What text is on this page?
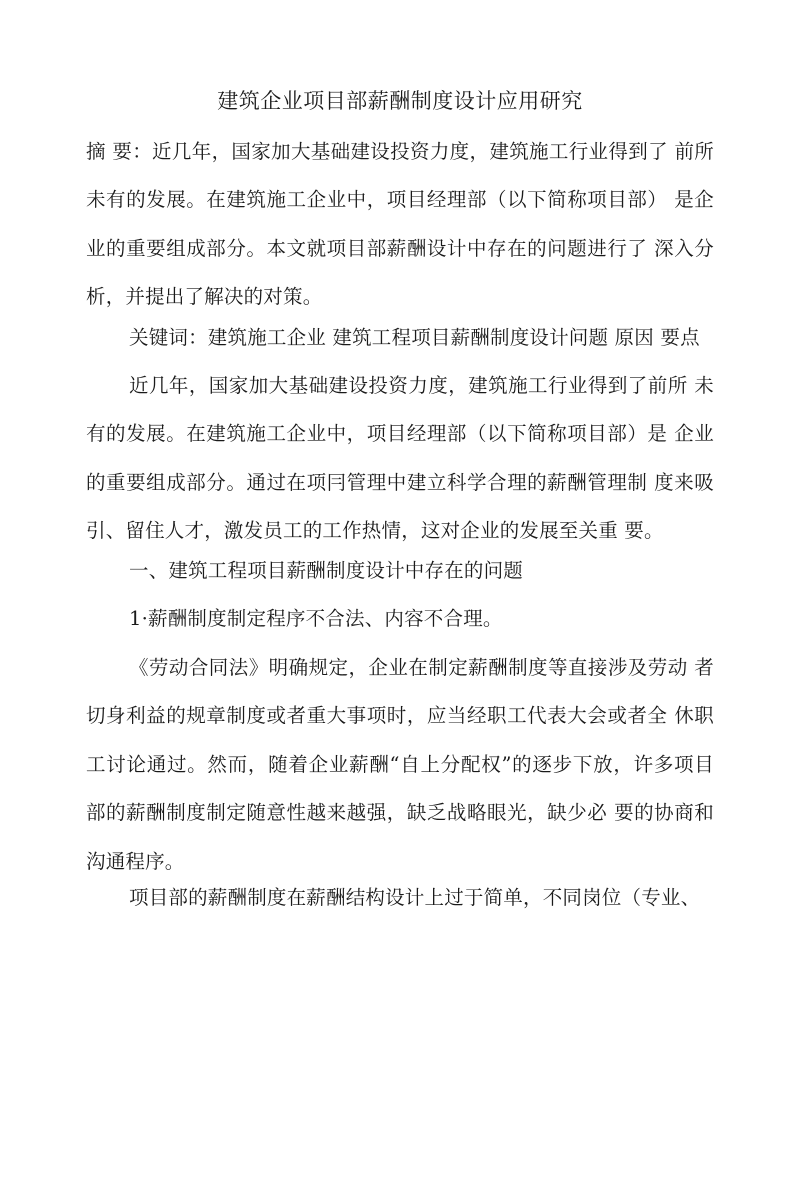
建筑企业项目部薪酬制度设计应用研究

摘 要：近几年，国家加大基础建设投资力度，建筑施工行业得到了 前所未有的发展。在建筑施工企业中，项目经理部（以下简称项目部） 是企业的重要组成部分。本文就项目部薪酬设计中存在的问题进行了 深入分析，并提出了解决的对策。

关键词：建筑施工企业 建筑工程项目薪酬制度设计问题 原因 要点

近几年，国家加大基础建设投资力度，建筑施工行业得到了前所 未有的发展。在建筑施工企业中，项目经理部（以下简称项目部）是 企业的重要组成部分。通过在项冃管理中建立科学合理的薪酬管理制 度来吸引、留住人才，激发员工的工作热情，这对企业的发展至关重 要。

一、建筑工程项目薪酬制度设计中存在的问题

1·薪酬制度制定程序不合法、内容不合理。

《劳动合同法》明确规定，企业在制定薪酬制度等直接涉及劳动 者切身利益的规章制度或者重大事项时，应当经职工代表大会或者全 休职工讨论通过。然而，随着企业薪酬“自上分配权”的逐步下放，许多项目部的薪酬制度制定随意性越来越强，缺乏战略眼光，缺少必 要的协商和沟通程序。

项目部的薪酬制度在薪酬结构设计上过于简单，不同岗位（专业、
